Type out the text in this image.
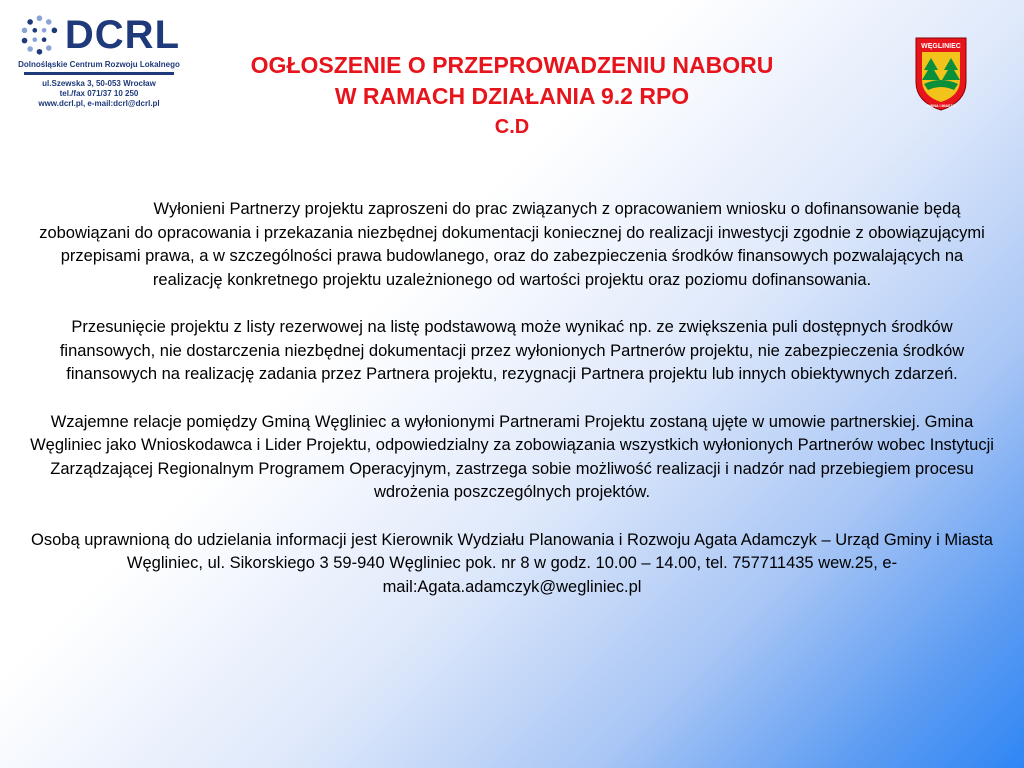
DCRL
Dolnośląskie Centrum Rozwoju Lokalnego
ul.Szewska 3, 50-053 Wrocław
tel./fax 071/37 10 250
www.dcrl.pl, e-mail:dcrl@dcrl.pl
WĘGLINIEC
GMINA I MIASTO
OGŁOSZENIE O PRZEPROWADZENIU NABORU
W RAMACH DZIAŁANIA 9.2 RPO
C.D

Wyłonieni Partnerzy projektu zaproszeni do prac związanych z opracowaniem wniosku o dofinansowanie będą zobowiązani do opracowania i przekazania niezbędnej dokumentacji koniecznej do realizacji inwestycji zgodnie z obowiązującymi przepisami prawa, a w szczególności prawa budowlanego, oraz do zabezpieczenia środków finansowych pozwalających na realizację konkretnego projektu uzależnionego od wartości projektu oraz poziomu dofinansowania.

Przesunięcie projektu z listy rezerwowej na listę podstawową może wynikać np. ze zwiększenia puli dostępnych środków finansowych, nie dostarczenia niezbędnej dokumentacji przez wyłonionych Partnerów projektu, nie zabezpieczenia środków finansowych na realizację zadania przez Partnera projektu, rezygnacji Partnera projektu lub innych obiektywnych zdarzeń.

Wzajemne relacje pomiędzy Gminą Węgliniec a wyłonionymi Partnerami Projektu zostaną ujęte w umowie partnerskiej. Gmina Węgliniec jako Wnioskodawca i Lider Projektu, odpowiedzialny za zobowiązania wszystkich wyłonionych Partnerów wobec Instytucji Zarządzającej Regionalnym Programem Operacyjnym, zastrzega sobie możliwość realizacji i nadzór nad przebiegiem procesu wdrożenia poszczególnych projektów.

Osobą uprawnioną do udzielania informacji jest Kierownik Wydziału Planowania i Rozwoju Agata Adamczyk – Urząd Gminy i Miasta Węgliniec, ul. Sikorskiego 3 59-940 Węgliniec pok. nr 8 w godz. 10.00 – 14.00, tel. 757711435 wew.25, e-mail:Agata.adamczyk@wegliniec.pl
